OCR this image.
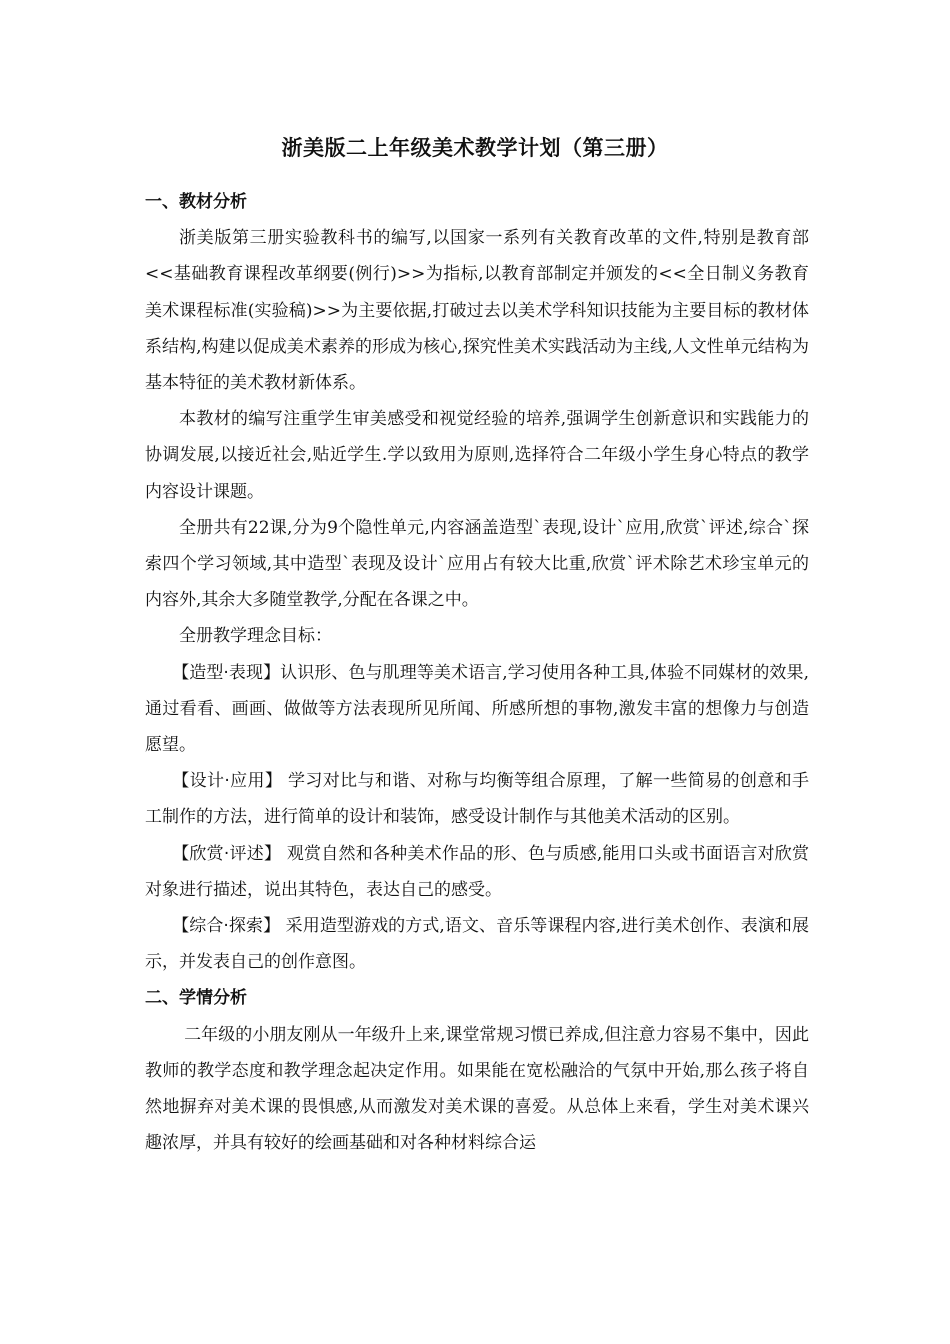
浙美版二上年级美术教学计划（第三册）

一、教材分析

浙美版第三册实验教科书的编写,以国家一系列有关教育改革的文件,特别是教育部<<基础教育课程改革纲要(例行)>>为指标,以教育部制定并颁发的<<全日制义务教育美术课程标准(实验稿)>>为主要依据,打破过去以美术学科知识技能为主要目标的教材体系结构,构建以促成美术素养的形成为核心,探究性美术实践活动为主线,人文性单元结构为基本特征的美术教材新体系。

本教材的编写注重学生审美感受和视觉经验的培养,强调学生创新意识和实践能力的协调发展,以接近社会,贴近学生.学以致用为原则,选择符合二年级小学生身心特点的教学内容设计课题。

全册共有22课,分为9个隐性单元,内容涵盖造型`表现,设计`应用,欣赏`评述,综合`探索四个学习领域,其中造型`表现及设计`应用占有较大比重,欣赏`评术除艺术珍宝单元的内容外,其余大多随堂教学,分配在各课之中。

全册教学理念目标：

【造型·表现】认识形、色与肌理等美术语言,学习使用各种工具,体验不同媒材的效果,通过看看、画画、做做等方法表现所见所闻、所感所想的事物,激发丰富的想像力与创造愿望。

【设计·应用】 学习对比与和谐、对称与均衡等组合原理，了解一些简易的创意和手工制作的方法，进行简单的设计和装饰，感受设计制作与其他美术活动的区别。

【欣赏·评述】 观赏自然和各种美术作品的形、色与质感,能用口头或书面语言对欣赏对象进行描述，说出其特色，表达自己的感受。

【综合·探索】 采用造型游戏的方式,语文、音乐等课程内容,进行美术创作、表演和展示，并发表自己的创作意图。

二、学情分析

二年级的小朋友刚从一年级升上来,课堂常规习惯已养成,但注意力容易不集中，因此教师的教学态度和教学理念起决定作用。如果能在宽松融洽的气氛中开始,那么孩子将自然地摒弃对美术课的畏惧感,从而激发对美术课的喜爱。从总体上来看，学生对美术课兴趣浓厚，并具有较好的绘画基础和对各种材料综合运
